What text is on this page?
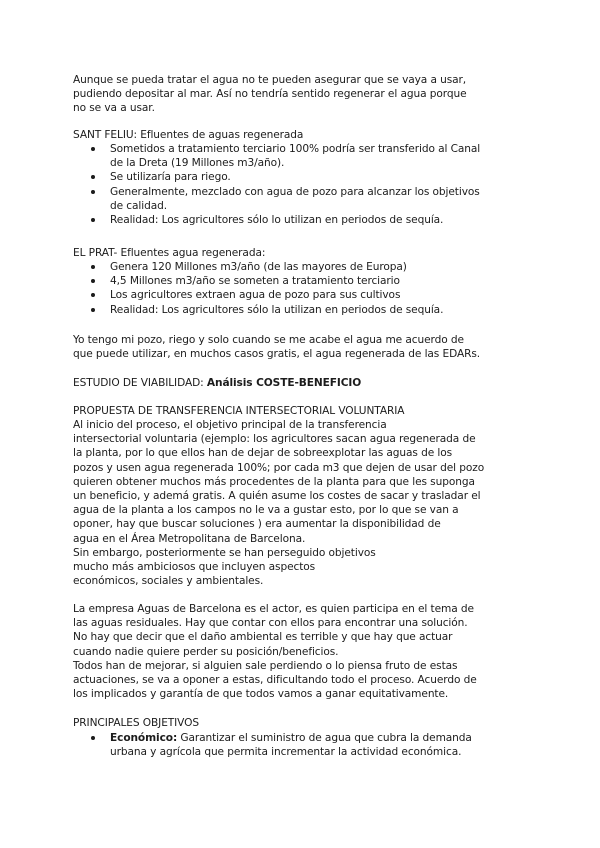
Aunque se pueda tratar el agua no te pueden asegurar que se vaya a usar,
pudiendo depositar al mar. Así no tendría sentido regenerar el agua porque
no se va a usar.
SANT FELIU: Efluentes de aguas regenerada
Sometidos a tratamiento terciario 100% podría ser transferido al Canal
de la Dreta (19 Millones m3/año).
Se utilizaría para riego.
Generalmente, mezclado con agua de pozo para alcanzar los objetivos
de calidad.
Realidad: Los agricultores sólo lo utilizan en periodos de sequía.
EL PRAT- Efluentes agua regenerada:
Genera 120 Millones m3/año (de las mayores de Europa)
4,5 Millones m3/año se someten a tratamiento terciario
Los agricultores extraen agua de pozo para sus cultivos
Realidad: Los agricultores sólo la utilizan en periodos de sequía.
Yo tengo mi pozo, riego y solo cuando se me acabe el agua me acuerdo de
que puede utilizar, en muchos casos gratis, el agua regenerada de las EDARs.
ESTUDIO DE VIABILIDAD: Análisis COSTE-BENEFICIO
PROPUESTA DE TRANSFERENCIA INTERSECTORIAL VOLUNTARIA
Al inicio del proceso, el objetivo principal de la transferencia
intersectorial voluntaria (ejemplo: los agricultores sacan agua regenerada de
la planta, por lo que ellos han de dejar de sobreexplotar las aguas de los
pozos y usen agua regenerada 100%; por cada m3 que dejen de usar del pozo
quieren obtener muchos más procedentes de la planta para que les suponga
un beneficio, y ademá gratis. A quién asume los costes de sacar y trasladar el
agua de la planta a los campos no le va a gustar esto, por lo que se van a
oponer, hay que buscar soluciones ) era aumentar la disponibilidad de
agua en el Área Metropolitana de Barcelona.
Sin embargo, posteriormente se han perseguido objetivos
mucho más ambiciosos que incluyen aspectos
económicos, sociales y ambientales.
La empresa Aguas de Barcelona es el actor, es quien participa en el tema de
las aguas residuales. Hay que contar con ellos para encontrar una solución.
No hay que decir que el daño ambiental es terrible y que hay que actuar
cuando nadie quiere perder su posición/beneficios.
Todos han de mejorar, si alguien sale perdiendo o lo piensa fruto de estas
actuaciones, se va a oponer a estas, dificultando todo el proceso. Acuerdo de
los implicados y garantía de que todos vamos a ganar equitativamente.
PRINCIPALES OBJETIVOS
Económico: Garantizar el suministro de agua que cubra la demanda
urbana y agrícola que permita incrementar la actividad económica.
